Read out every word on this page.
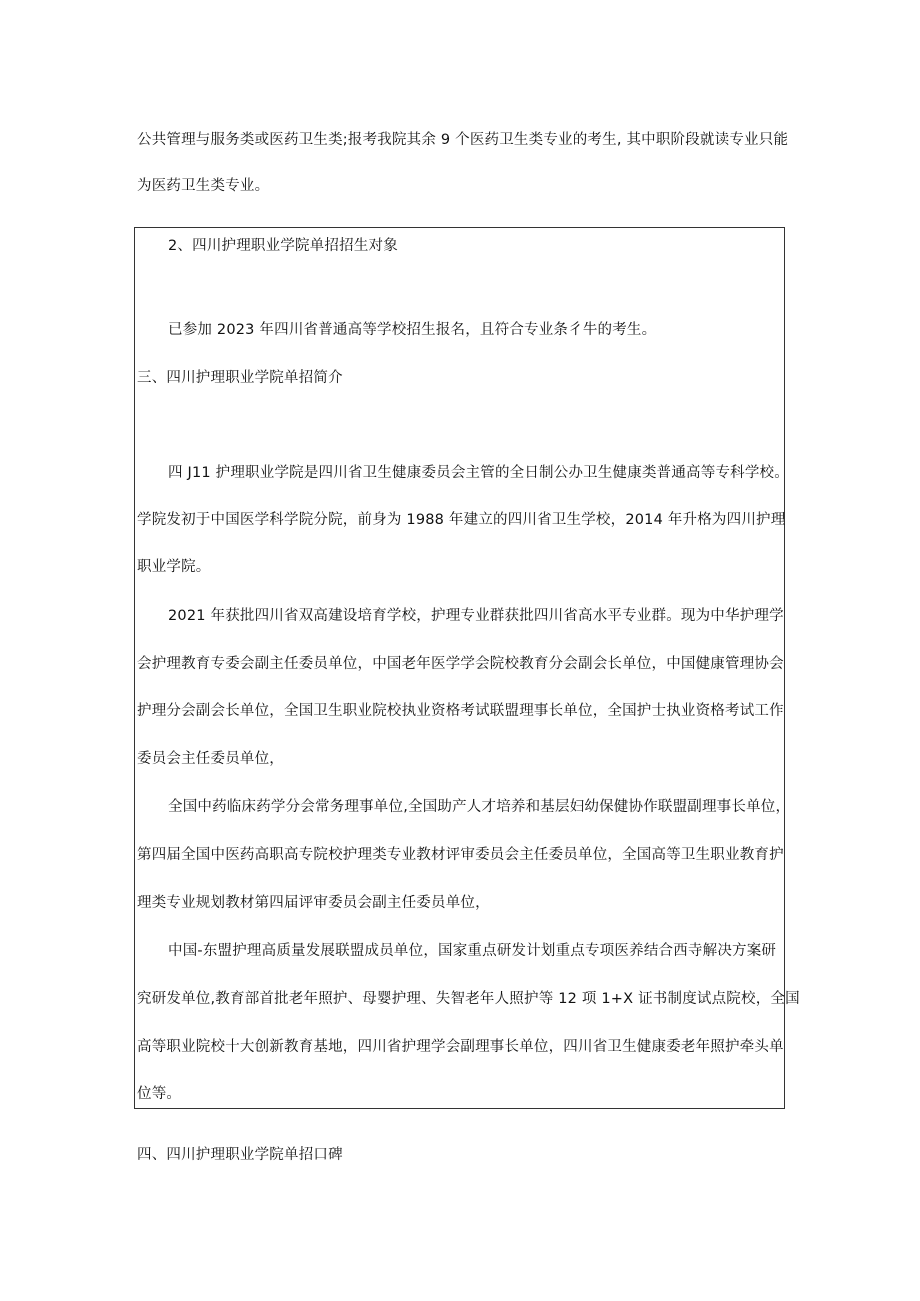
公共管理与服务类或医药卫生类;报考我院其余 9 个医药卫生类专业的考生, 其中职阶段就读专业只能
为医药卫生类专业。
2、四川护理职业学院单招招生对象
已参加 2023 年四川省普通高等学校招生报名，且符合专业条彳牛的考生。
三、四川护理职业学院单招简介
四 J11 护理职业学院是四川省卫生健康委员会主管的全日制公办卫生健康类普通高等专科学校。
学院发初于中国医学科学院分院，前身为 1988 年建立的四川省卫生学校，2014 年升格为四川护理
职业学院。
2021 年获批四川省双高建设培育学校，护理专业群获批四川省高水平专业群。现为中华护理学
会护理教育专委会副主任委员单位，中国老年医学学会院校教育分会副会长单位，中国健康管理协会
护理分会副会长单位，全国卫生职业院校执业资格考试联盟理事长单位，全国护士执业资格考试工作
委员会主任委员单位，
全国中药临床药学分会常务理事单位,全国助产人才培养和基层妇幼保健协作联盟副理事长单位，
第四届全国中医药高职高专院校护理类专业教材评审委员会主任委员单位，全国高等卫生职业教育护
理类专业规划教材第四届评审委员会副主任委员单位，
中国-东盟护理高质量发展联盟成员单位，国家重点研发计划重点专项医养结合西寺解决方案研
究研发单位,教育部首批老年照护、母婴护理、失智老年人照护等 12 项 1+X 证书制度试点院校，全国
高等职业院校十大创新教育基地，四川省护理学会副理事长单位，四川省卫生健康委老年照护牵头单
位等。
四、四川护理职业学院单招口碑
